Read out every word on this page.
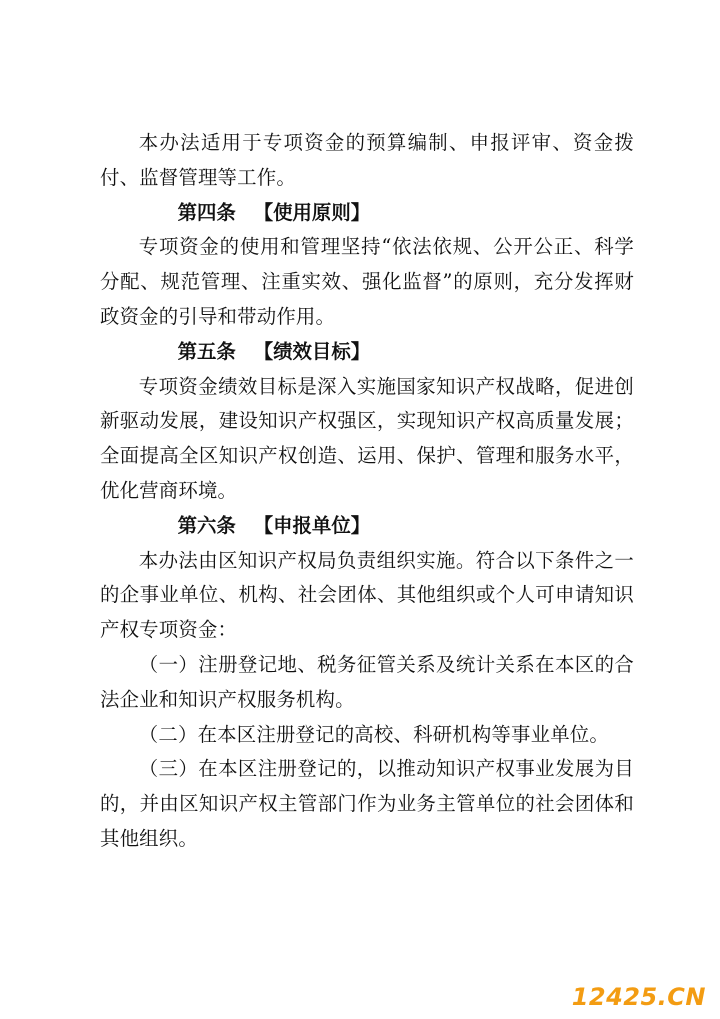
本办法适用于专项资金的预算编制、申报评审、资金拨付、监督管理等工作。

第四条 【使用原则】

专项资金的使用和管理坚持“依法依规、公开公正、科学分配、规范管理、注重实效、强化监督”的原则，充分发挥财政资金的引导和带动作用。

第五条 【绩效目标】

专项资金绩效目标是深入实施国家知识产权战略，促进创新驱动发展，建设知识产权强区，实现知识产权高质量发展；全面提高全区知识产权创造、运用、保护、管理和服务水平，优化营商环境。

第六条 【申报单位】

本办法由区知识产权局负责组织实施。符合以下条件之一的企事业单位、机构、社会团体、其他组织或个人可申请知识产权专项资金：

（一）注册登记地、税务征管关系及统计关系在本区的合法企业和知识产权服务机构。

（二）在本区注册登记的高校、科研机构等事业单位。

（三）在本区注册登记的，以推动知识产权事业发展为目的，并由区知识产权主管部门作为业务主管单位的社会团体和其他组织。

12425.CN
